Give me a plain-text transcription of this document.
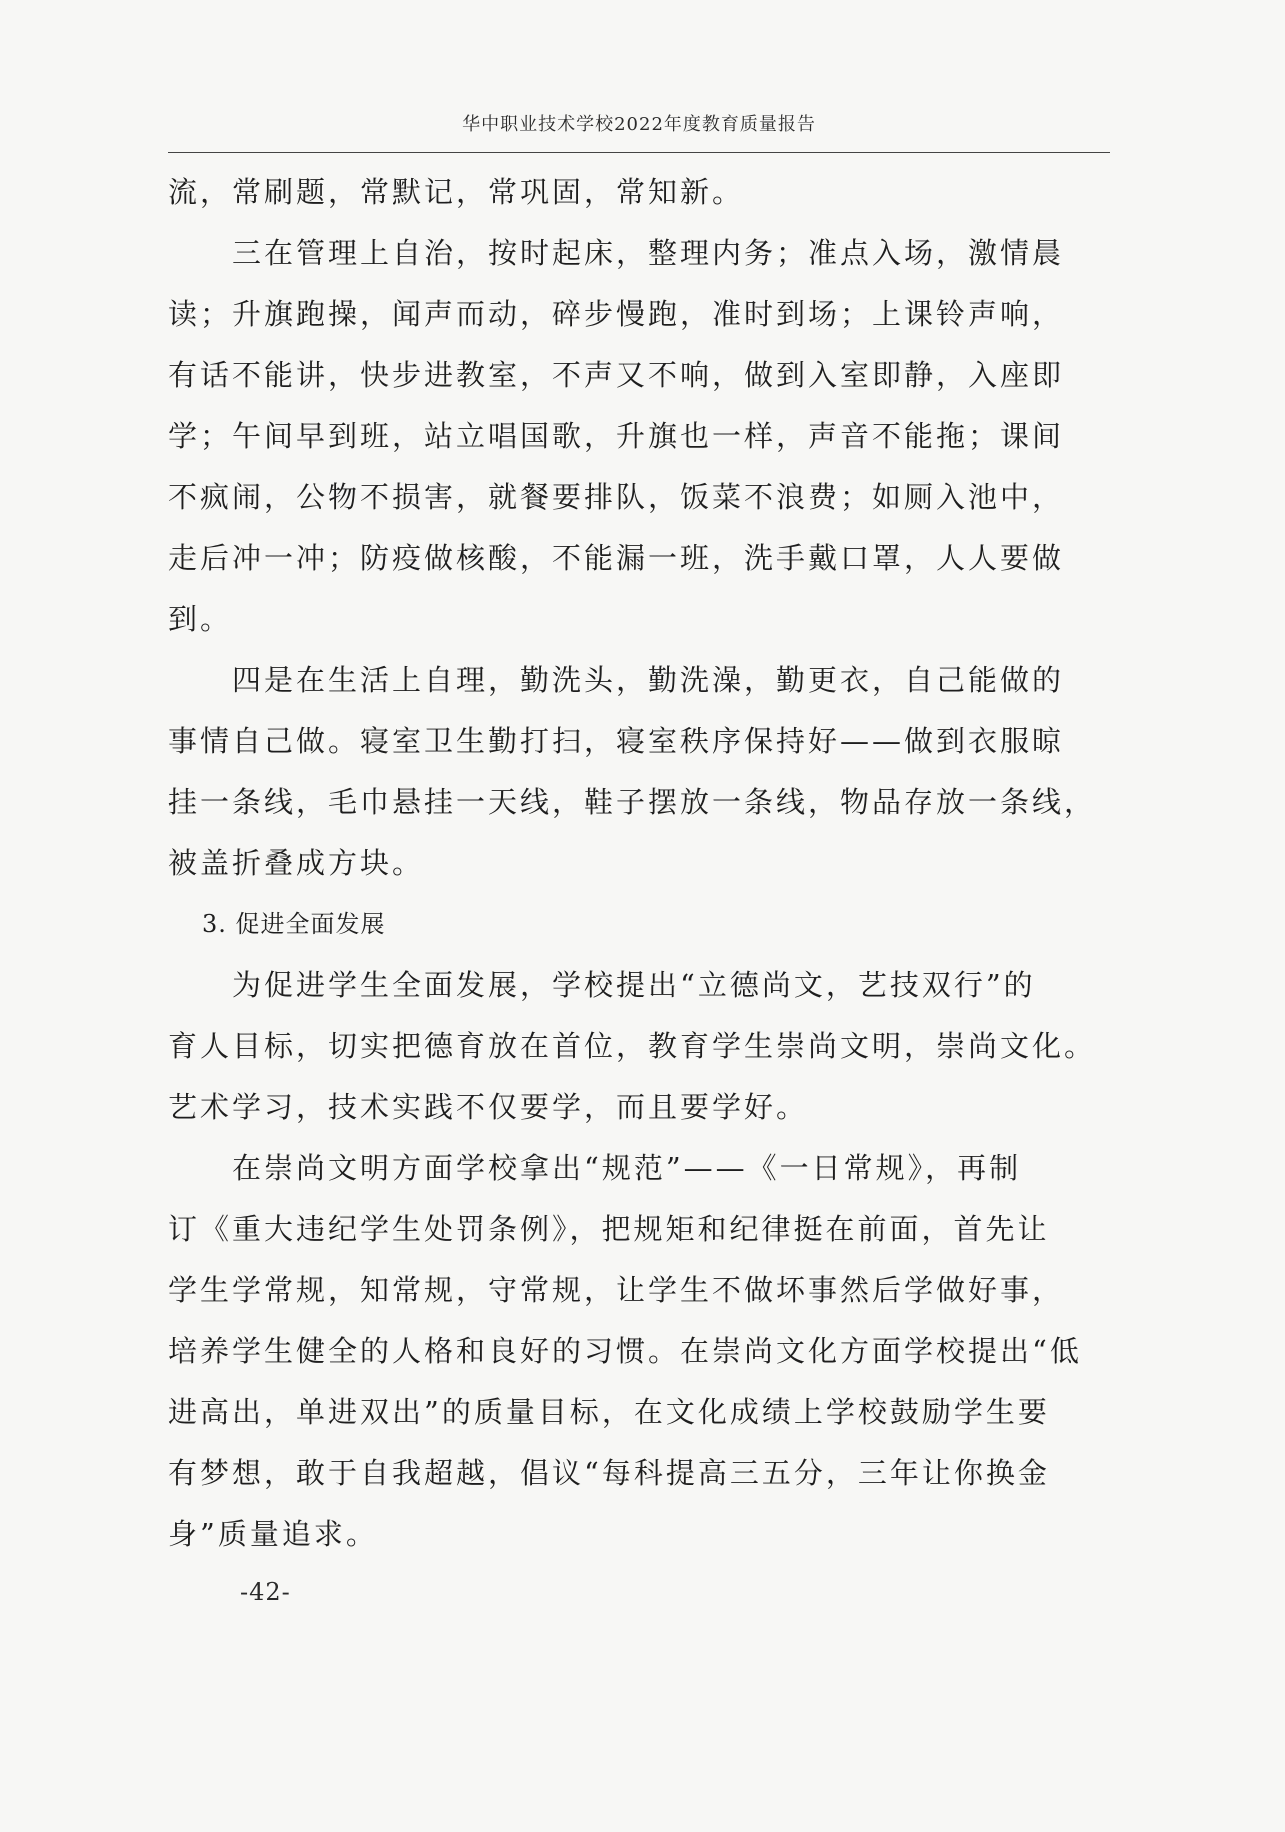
华中职业技术学校2022年度教育质量报告
流，常刷题，常默记，常巩固，常知新。
三在管理上自治，按时起床，整理内务；准点入场，激情晨
读；升旗跑操，闻声而动，碎步慢跑，准时到场；上课铃声响，
有话不能讲，快步进教室，不声又不响，做到入室即静，入座即
学；午间早到班，站立唱国歌，升旗也一样，声音不能拖；课间
不疯闹，公物不损害，就餐要排队，饭菜不浪费；如厕入池中，
走后冲一冲；防疫做核酸，不能漏一班，洗手戴口罩，人人要做
到。
四是在生活上自理，勤洗头，勤洗澡，勤更衣，自己能做的
事情自己做。寝室卫生勤打扫，寝室秩序保持好——做到衣服晾
挂一条线，毛巾悬挂一天线，鞋子摆放一条线，物品存放一条线，
被盖折叠成方块。
3. 促进全面发展
为促进学生全面发展，学校提出“立德尚文，艺技双行”的
育人目标，切实把德育放在首位，教育学生崇尚文明，崇尚文化。
艺术学习，技术实践不仅要学，而且要学好。
在崇尚文明方面学校拿出“规范”——《一日常规》，再制
订《重大违纪学生处罚条例》，把规矩和纪律挺在前面，首先让
学生学常规，知常规，守常规，让学生不做坏事然后学做好事，
培养学生健全的人格和良好的习惯。在崇尚文化方面学校提出“低
进高出，单进双出”的质量目标，在文化成绩上学校鼓励学生要
有梦想，敢于自我超越，倡议“每科提高三五分，三年让你换金
身”质量追求。
-42-
